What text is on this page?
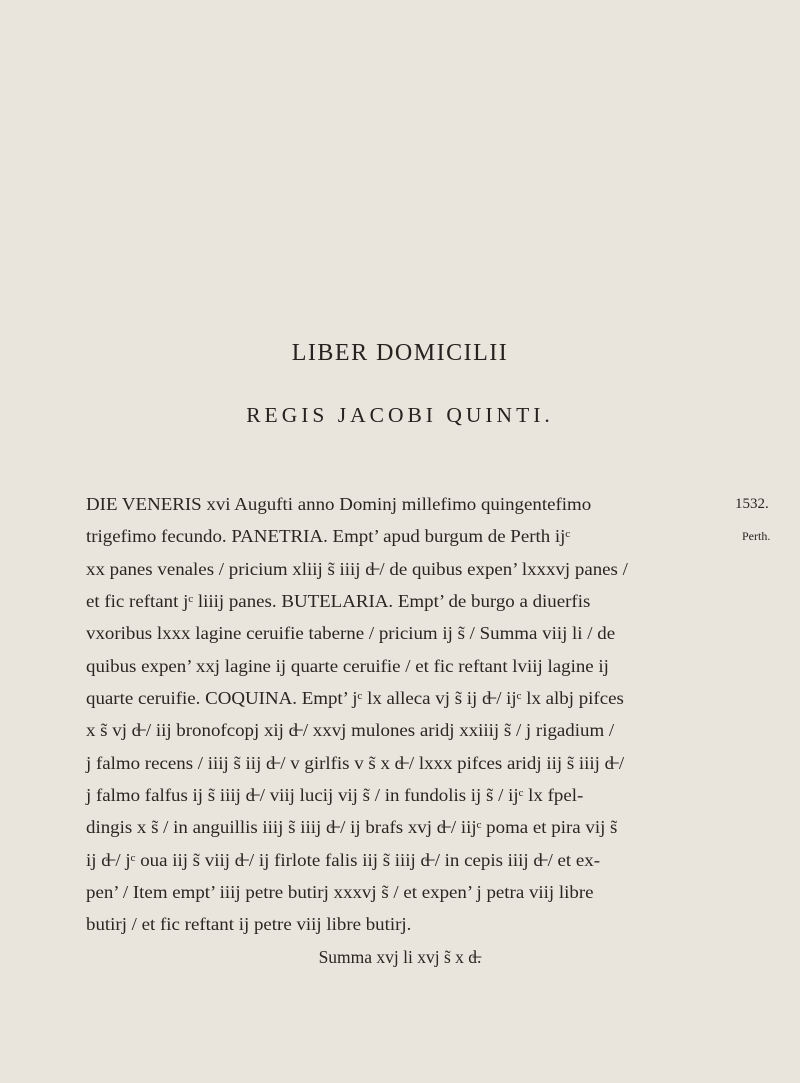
LIBER DOMICILII
REGIS JACOBI QUINTI.
1532.
Perth.
DIE VENERIS xvi Augufti anno Dominj millefimo quingentefimo
trigefimo fecundo. PANETRIA. Empt’ apud burgum de Perth ijᶜ
xx panes venales / pricium xliij s̃ iiij d̶ / de quibus expen’ lxxxvj panes /
et fic reftant jᶜ liiij panes. BUTELARIA. Empt’ de burgo a diuerfis
vxoribus lxxx lagine ceruifie taberne / pricium ij s̃ / Summa viij li / de
quibus expen’ xxj lagine ij quarte ceruifie / et fic reftant lviij lagine ij
quarte ceruifie. COQUINA. Empt’ jᶜ lx alleca vj s̃ ij d̶ / ijᶜ lx albj pifces
x s̃ vj d̶ / iij bronofcopj xij d̶ / xxvj mulones aridj xxiiij s̃ / j rigadium /
j falmo recens / iiij s̃ iij d̶ / v girlfis v s̃ x d̶ / lxxx pifces aridj iij s̃ iiij d̶ /
j falmo falfus ij s̃ iiij d̶ / viij lucij vij s̃ / in fundolis ij s̃ / ijᶜ lx fpel-
dingis x s̃ / in anguillis iiij s̃ iiij d̶ / ij brafs xvj d̶ / iijᶜ poma et pira vij s̃
ij d̶ / jᶜ oua iij s̃ viij d̶ / ij firlote falis iij s̃ iiij d̶ / in cepis iiij d̶ / et ex-
pen’ / Item empt’ iiij petre butirj xxxvj s̃ / et expen’ j petra viij libre
butirj / et fic reftant ij petre viij libre butirj.
Summa xvj li xvj s̃ x d̶.
